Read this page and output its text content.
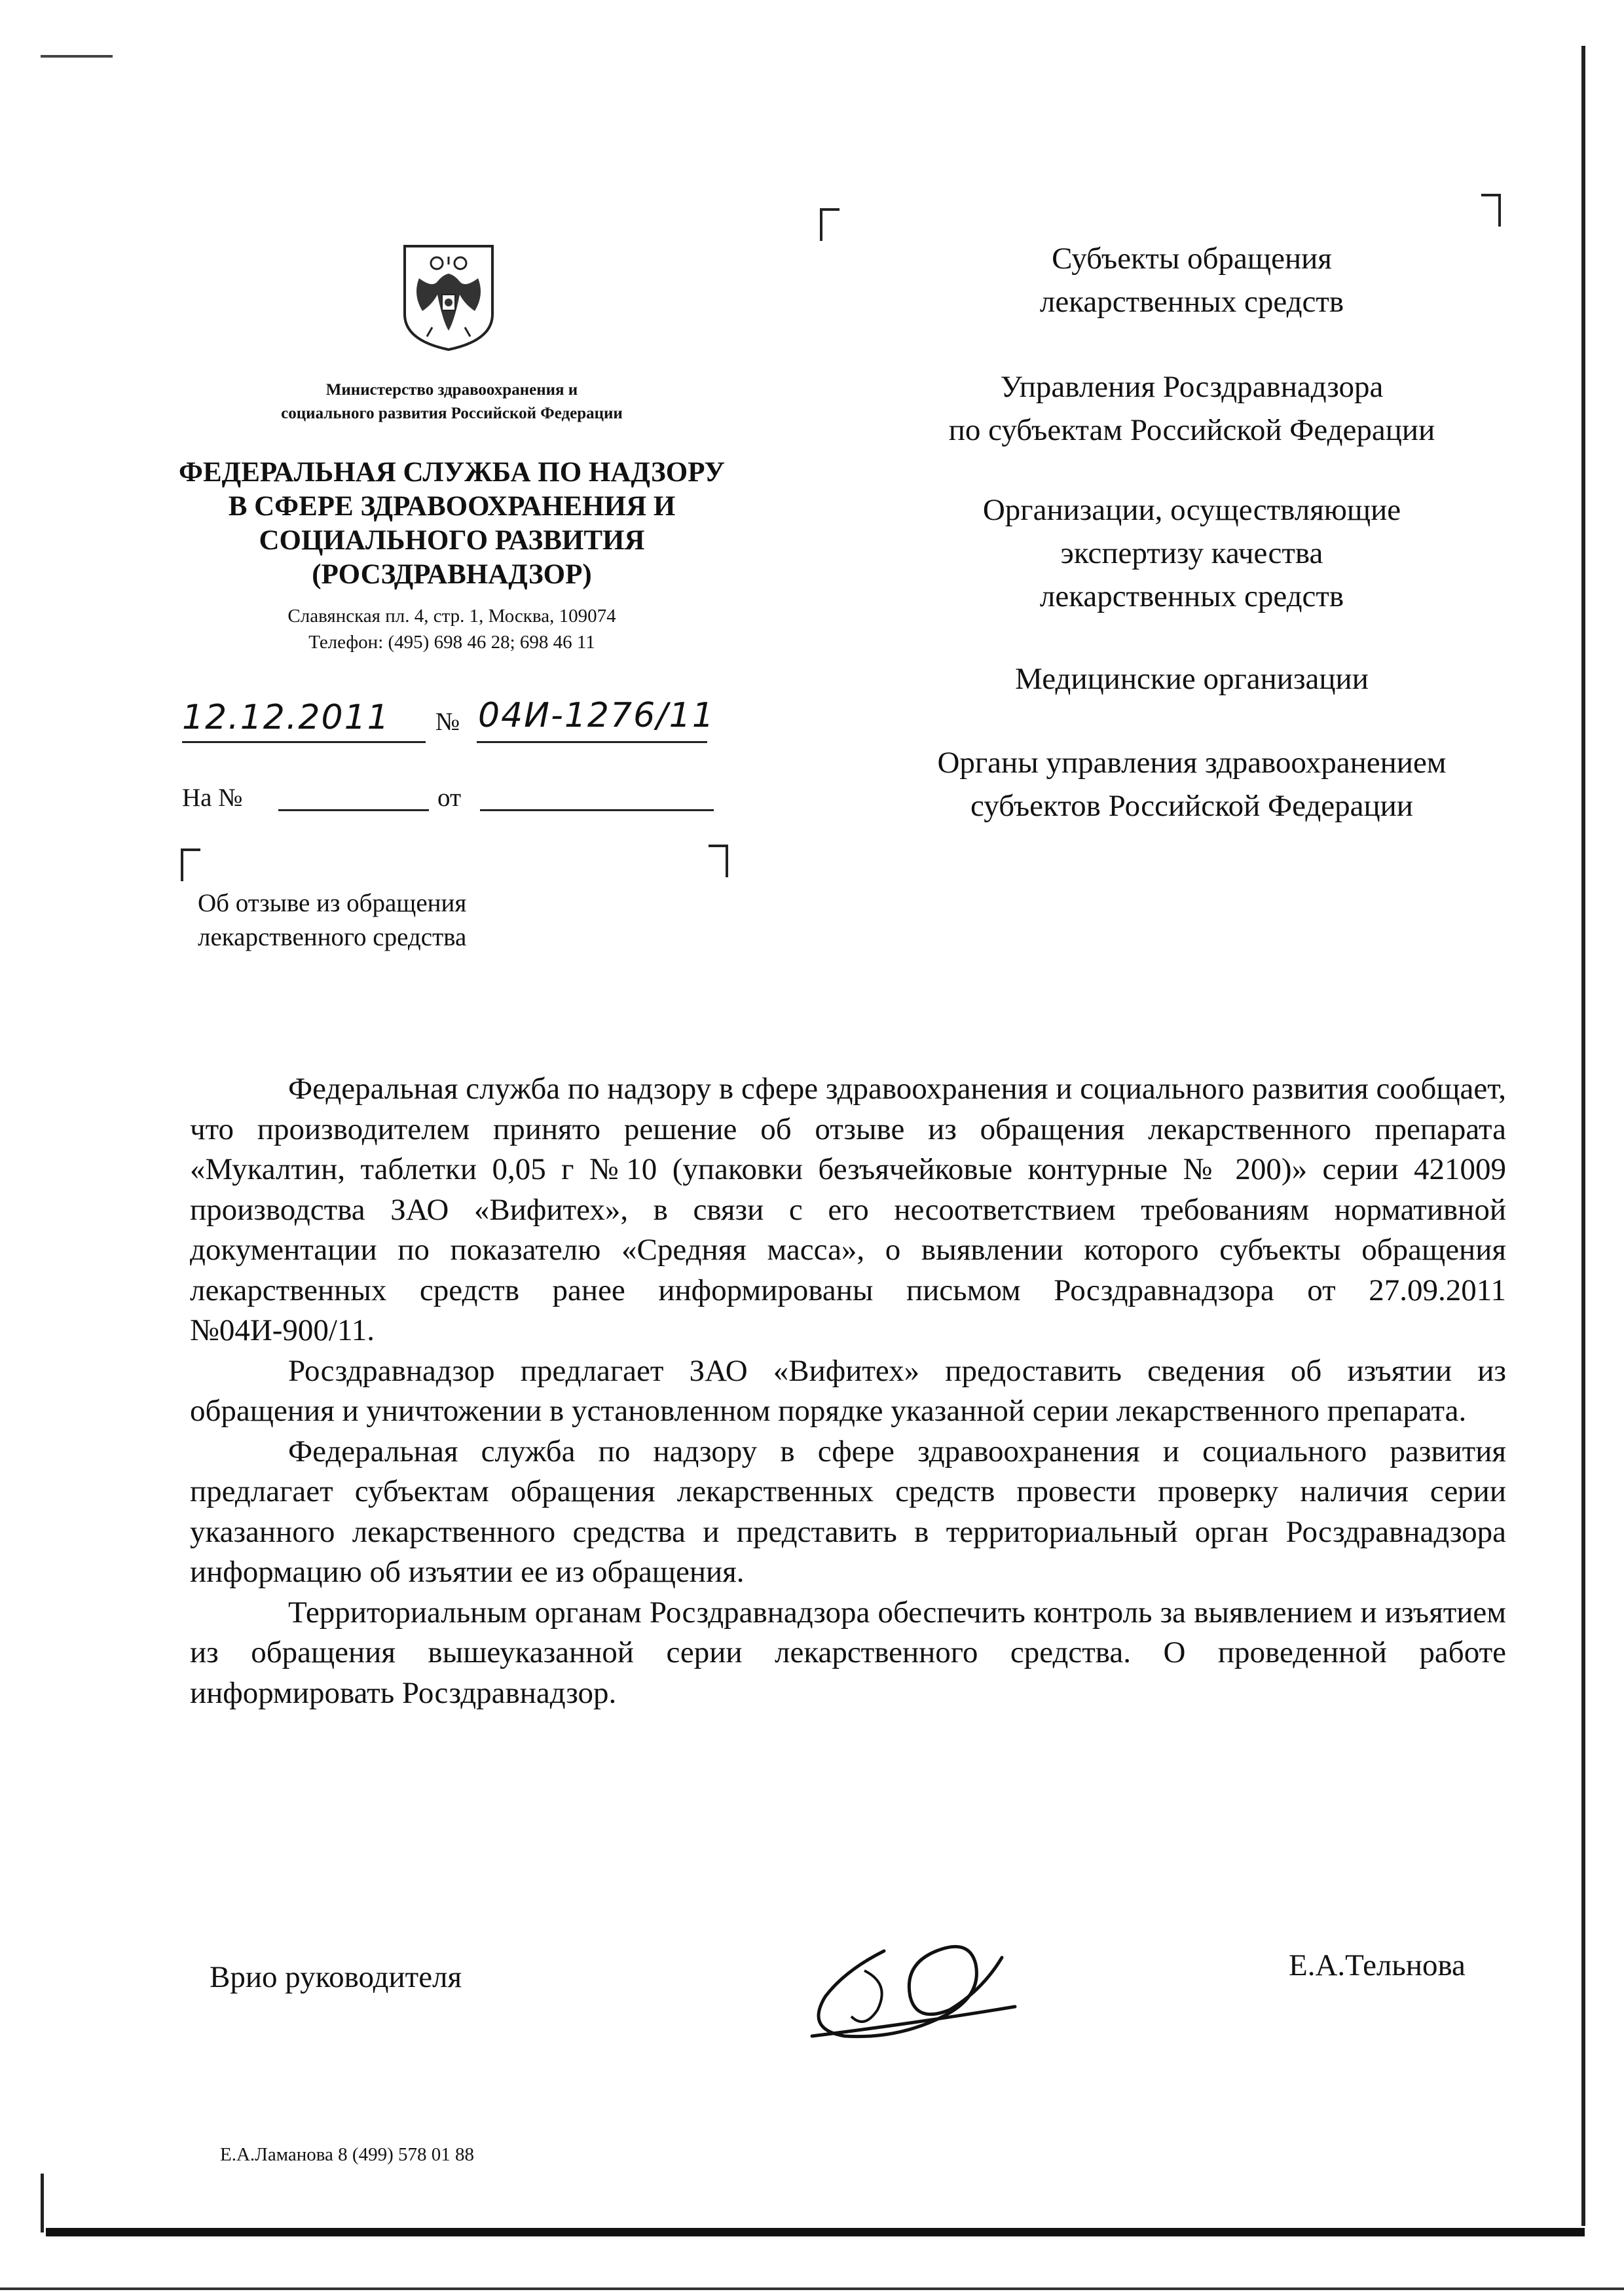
Министерство здравоохранения и
социального развития Российской Федерации
ФЕДЕРАЛЬНАЯ СЛУЖБА ПО НАДЗОРУ
В СФЕРЕ ЗДРАВООХРАНЕНИЯ И
СОЦИАЛЬНОГО РАЗВИТИЯ
(РОСЗДРАВНАДЗОР)
Славянская пл. 4, стр. 1, Москва, 109074
Телефон: (495) 698 46 28; 698 46 11
12.12.2011 № 04И-1276/11
На №	от
Об отзыве из обращения
лекарственного средства
Субъекты обращения
лекарственных средств
Управления Росздравнадзора
по субъектам Российской Федерации
Организации, осуществляющие
экспертизу качества
лекарственных средств
Медицинские организации
Органы управления здравоохранением
субъектов Российской Федерации

Федеральная служба по надзору в сфере здравоохранения и социального развития сообщает, что производителем принято решение об отзыве из обращения лекарственного препарата «Мукалтин, таблетки 0,05 г №10 (упаковки безъячейковые контурные № 200)» серии 421009 производства ЗАО «Вифитех», в связи с его несоответствием требованиям нормативной документации по показателю «Средняя масса», о выявлении которого субъекты обращения лекарственных средств ранее информированы письмом Росздравнадзора от 27.09.2011 №04И-900/11.

Росздравнадзор предлагает ЗАО «Вифитех» предоставить сведения об изъятии из обращения и уничтожении в установленном порядке указанной серии лекарственного препарата.

Федеральная служба по надзору в сфере здравоохранения и социального развития предлагает субъектам обращения лекарственных средств провести проверку наличия серии указанного лекарственного средства и представить в территориальный орган Росздравнадзора информацию об изъятии ее из обращения.

Территориальным органам Росздравнадзора обеспечить контроль за выявлением и изъятием из обращения вышеуказанной серии лекарственного средства. О проведенной работе информировать Росздравнадзор.

Врио руководителя	Е.А.Тельнова
Е.А.Ламанова 8 (499) 578 01 88
